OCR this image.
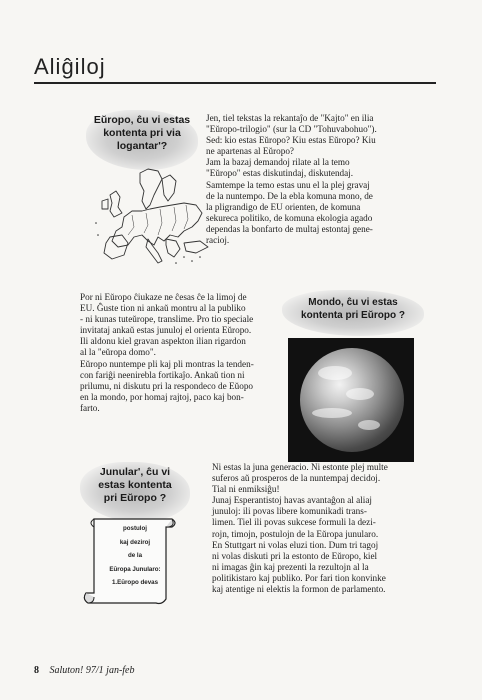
Aliĝiloj
Eŭropo, ĉu vi estas
kontenta pri via
logantar'?

Jen, tiel tekstas la rekantaĵo de "Kajto" en ilia

"Eŭropo-trilogio" (sur la CD "Tohuvabohuo").

Sed: kio estas Eŭropo? Kiu estas Eŭropo? Kiu

ne apartenas al Eŭropo?

Jam la bazaj demandoj rilate al la temo

"Eŭropo" estas diskutindaj, diskutendaj.

Samtempe la temo estas unu el la plej gravaj

de la nuntempo. De la ebla komuna mono, de

la pligrandigo de EU orienten, de komuna

sekureca politiko, de komuna ekologia agado

dependas la bonfarto de multaj estontaj gene-

racioj.

Por ni Eŭropo ĉiukaze ne ĉesas ĉe la limoj de

EU. Ĝuste tion ni ankaŭ montru al la publiko

- ni kunas tuteŭrope, translime. Pro tio speciale

invitataj ankaŭ estas junuloj el orienta Eŭropo.

Ili aldonu kiel gravan aspekton ilian rigardon

al la "eŭropa domo".

Eŭropo nuntempe pli kaj pli montras la tenden-

con fariĝi neenirebla fortikaĵo. Ankaŭ tion ni

prilumu, ni diskutu pri la respondeco de Eŭopo

en la mondo, por homaj rajtoj, paco kaj bon-

farto.

Mondo, ĉu vi estas
kontenta pri Eŭropo ?
Junular', ĉu vi
estas kontenta
pri Eŭropo ?
postuloj
kaj deziroj
de la
Eŭropa Junularo:
1.Eŭropo devas

Ni estas la juna generacio. Ni estonte plej multe

suferos aŭ prosperos de la nuntempaj decidoj.

Tial ni enmiksiĝu!

Junaj Esperantistoj havas avantaĝon al aliaj

junuloj: ili povas libere komunikadi trans-

limen. Tiel ili povas sukcese formuli la dezi-

rojn, timojn, postulojn de la Eŭropa junularo.

En Stuttgart ni volas eluzi tion. Dum tri tagoj

ni volas diskuti pri la estonto de Eŭropo, kiel

ni imagas ĝin kaj prezenti la rezultojn al la

politikistaro kaj publiko. Por fari tion konvinke

kaj atentige ni elektis la formon de parlamento.

8 Saluton! 97/1 jan-feb
